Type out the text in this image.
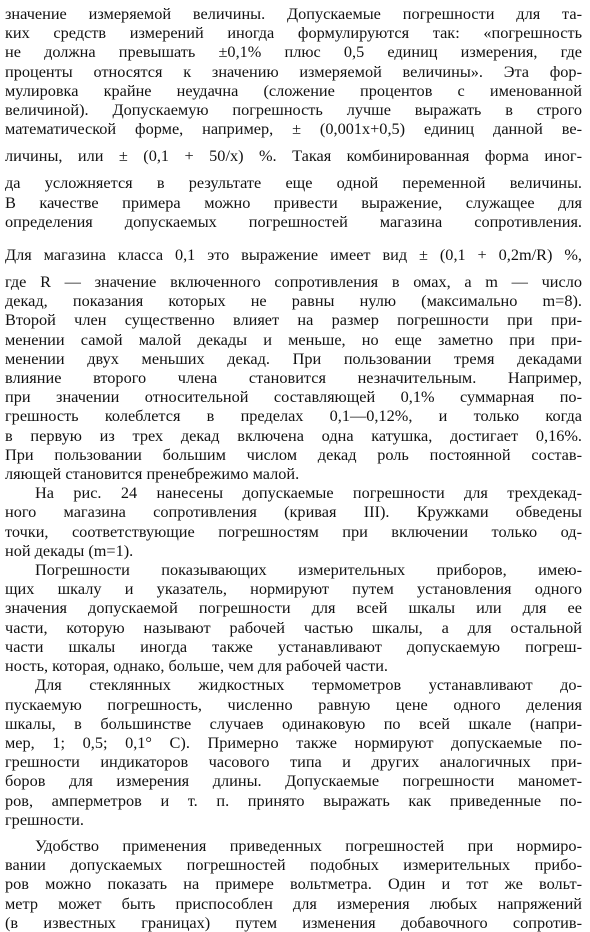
значение измеряемой величины. Допускаемые погрешности для та-
ких средств измерений иногда формулируются так: «погрешность
не должна превышать ±0,1% плюс 0,5 единиц измерения, где
проценты относятся к значению измеряемой величины». Эта фор-
мулировка крайне неудачна (сложение процентов с именованной
величиной). Допускаемую погрешность лучше выражать в строго
математической форме, например, ± (0,001x+0,5) единиц данной ве-
личины, или ± (0,1 + 50/x) %. Такая комбинированная форма иног-
да усложняется в результате еще одной переменной величины.
В качестве примера можно привести выражение, служащее для
определения допускаемых погрешностей магазина сопротивления.
Для магазина класса 0,1 это выражение имеет вид ± (0,1 + 0,2m/R) %,
где R — значение включенного сопротивления в омах, а m — число
декад, показания которых не равны нулю (максимально m=8).
Второй член существенно влияет на размер погрешности при при-
менении самой малой декады и меньше, но еще заметно при при-
менении двух меньших декад. При пользовании тремя декадами
влияние второго члена становится незначительным. Например,
при значении относительной составляющей 0,1% суммарная по-
грешность колеблется в пределах 0,1—0,12%, и только когда
в первую из трех декад включена одна катушка, достигает 0,16%.
При пользовании большим числом декад роль постоянной состав-
ляющей становится пренебрежимо малой.
На рис. 24 нанесены допускаемые погрешности для трехдекад-
ного магазина сопротивления (кривая III). Кружками обведены
точки, соответствующие погрешностям при включении только од-
ной декады (m=1).
Погрешности показывающих измерительных приборов, имею-
щих шкалу и указатель, нормируют путем установления одного
значения допускаемой погрешности для всей шкалы или для ее
части, которую называют рабочей частью шкалы, а для остальной
части шкалы иногда также устанавливают допускаемую погреш-
ность, которая, однако, больше, чем для рабочей части.
Для стеклянных жидкостных термометров устанавливают до-
пускаемую погрешность, численно равную цене одного деления
шкалы, в большинстве случаев одинаковую по всей шкале (напри-
мер, 1; 0,5; 0,1° С). Примерно также нормируют допускаемые по-
грешности индикаторов часового типа и других аналогичных при-
боров для измерения длины. Допускаемые погрешности маномет-
ров, амперметров и т. п. принято выражать как приведенные по-
грешности.
Удобство применения приведенных погрешностей при нормиро-
вании допускаемых погрешностей подобных измерительных прибо-
ров можно показать на примере вольтметра. Один и тот же вольт-
метр может быть приспособлен для измерения любых напряжений
(в известных границах) путем изменения добавочного сопротив-
